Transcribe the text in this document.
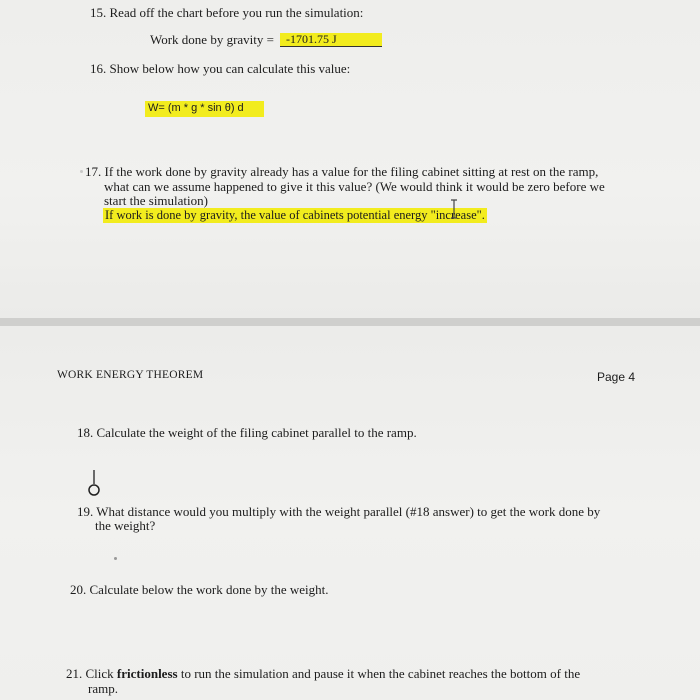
15. Read off the chart before you run the simulation:
Work done by gravity = -1701.75 J
16. Show below how you can calculate this value:
W= (m * g * sin θ) d
17. If the work done by gravity already has a value for the filing cabinet sitting at rest on the ramp,
what can we assume happened to give it this value? (We would think it would be zero before we
start the simulation)
If work is done by gravity, the value of cabinets potential energy "increase".
WORK ENERGY THEOREM	Page 4
18. Calculate the weight of the filing cabinet parallel to the ramp.
19. What distance would you multiply with the weight parallel (#18 answer) to get the work done by
the weight?
20. Calculate below the work done by the weight.
21. Click frictionless to run the simulation and pause it when the cabinet reaches the bottom of the
ramp.
